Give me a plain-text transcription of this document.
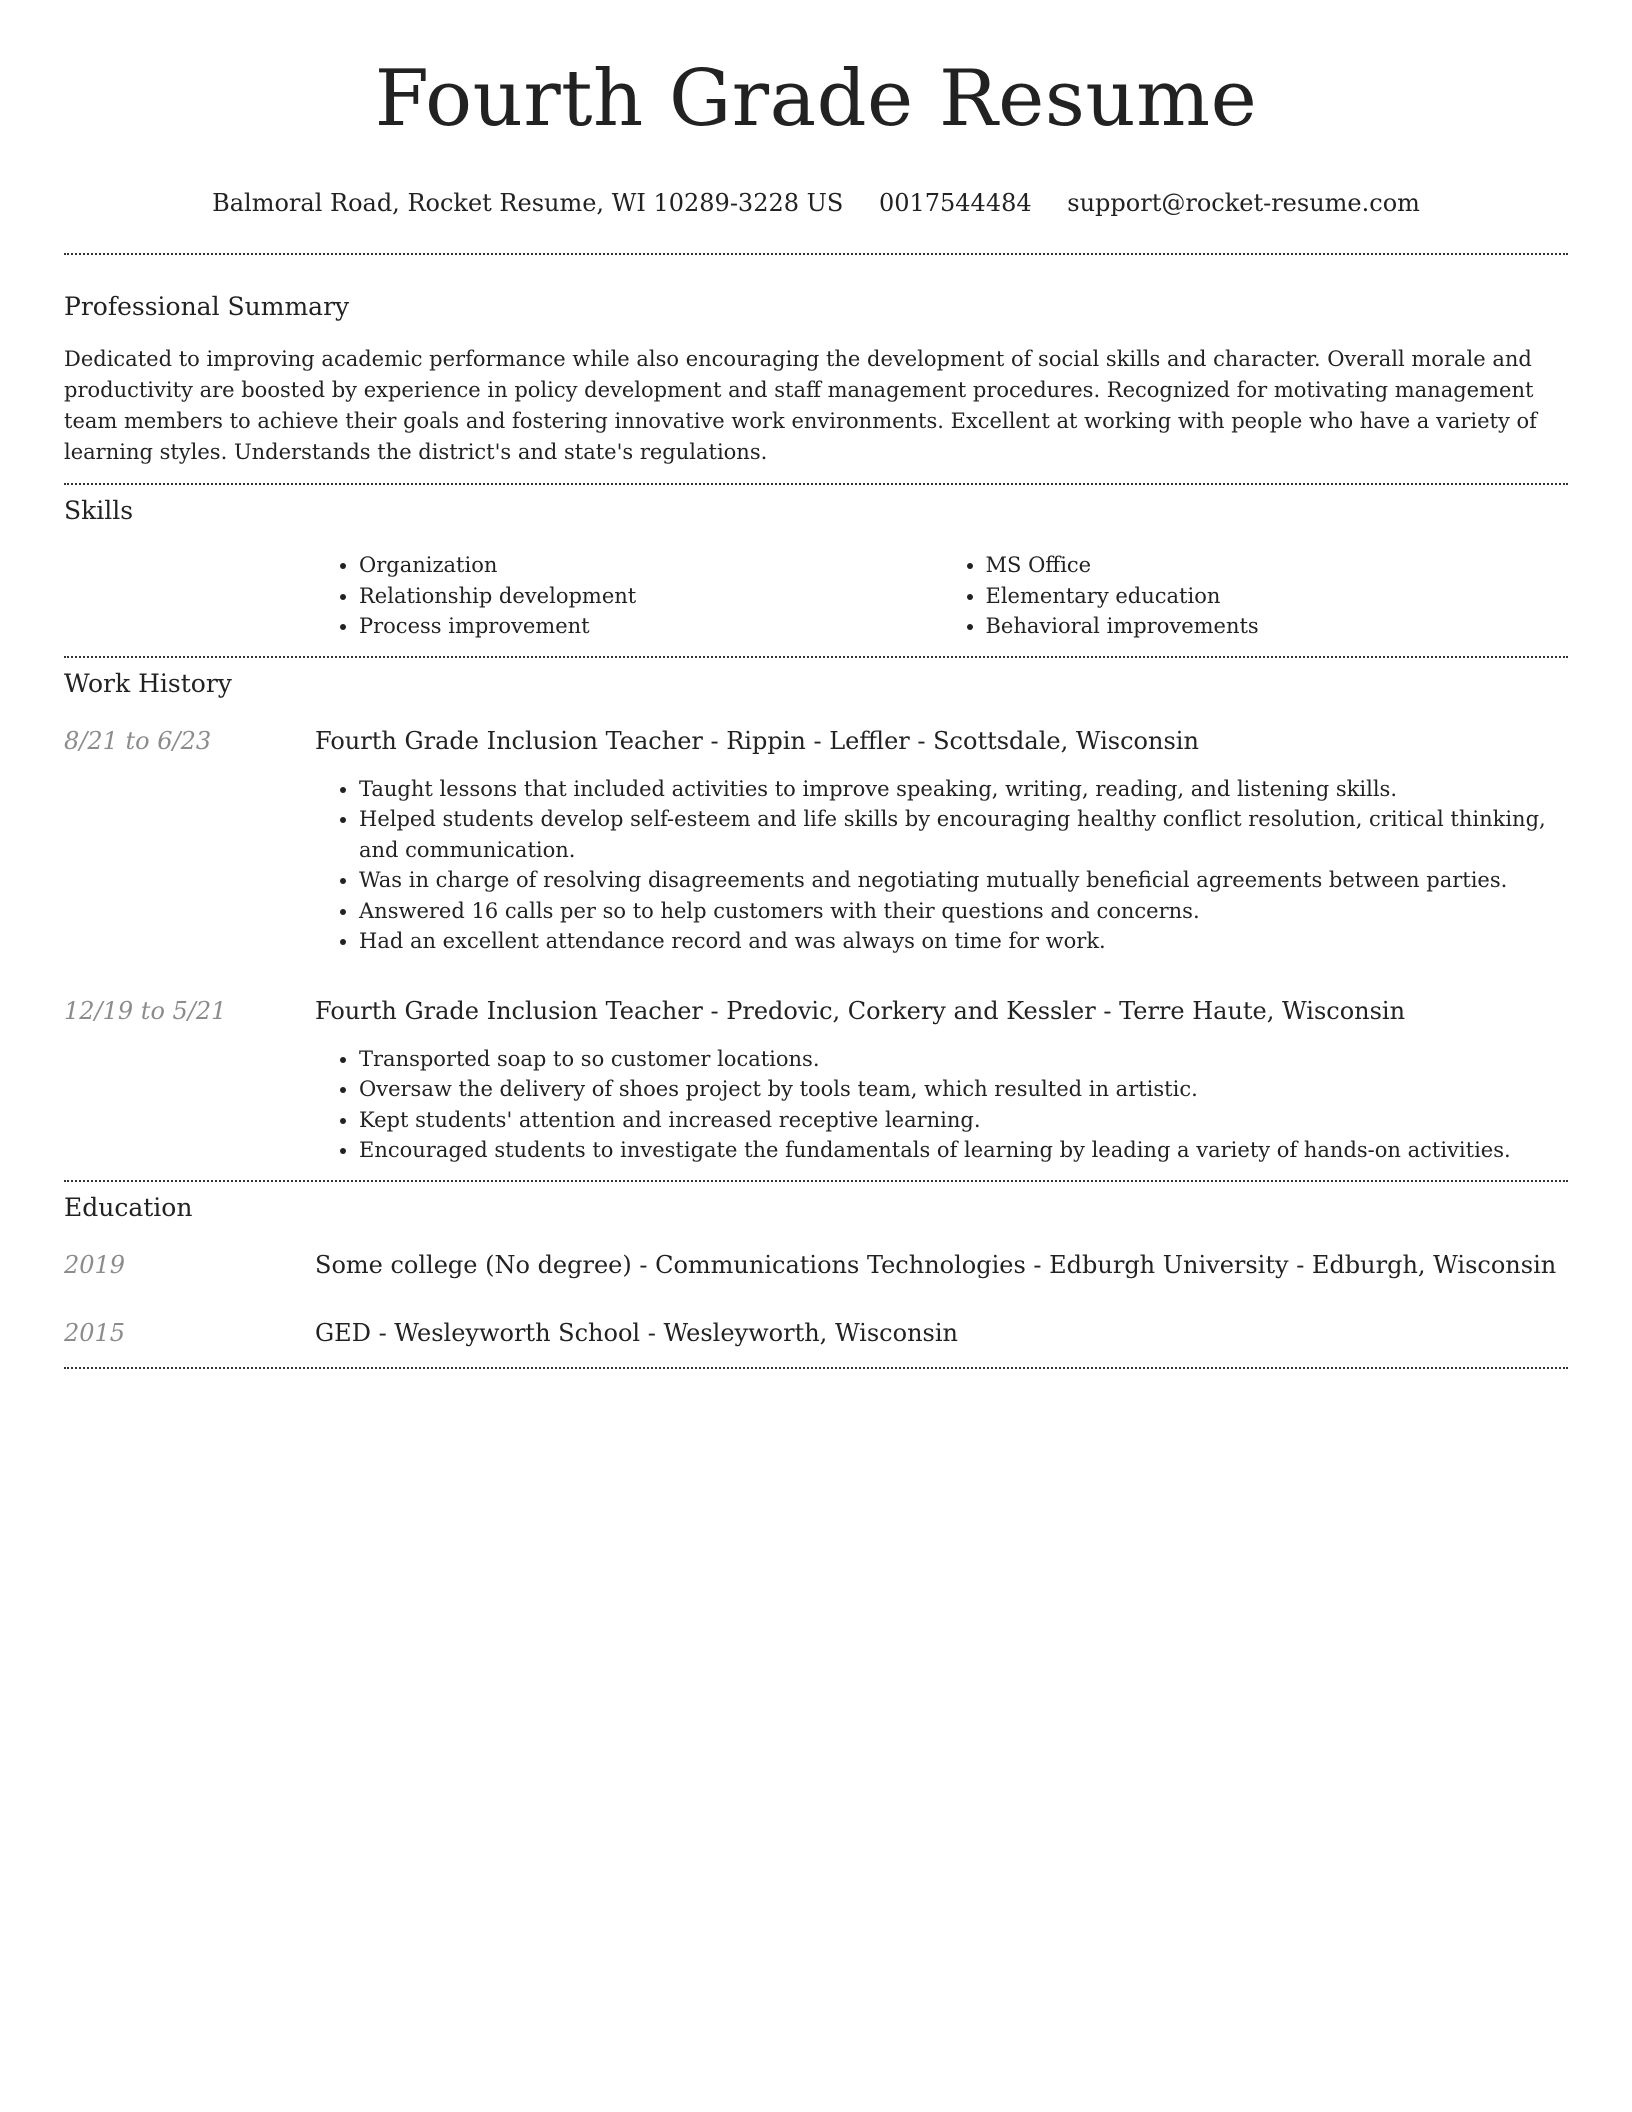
Fourth Grade Resume
Balmoral Road, Rocket Resume, WI 10289-3228 US 0017544484 support@rocket-resume.com
Professional Summary

Dedicated to improving academic performance while also encouraging the development of social skills and character. Overall morale and productivity are boosted by experience in policy development and staff management procedures. Recognized for motivating management team members to achieve their goals and fostering innovative work environments. Excellent at working with people who have a variety of learning styles. Understands the district's and state's regulations.

Skills
• Organization
• Relationship development
• Process improvement
• MS Office
• Elementary education
• Behavioral improvements
Work History
8/21 to 6/23	Fourth Grade Inclusion Teacher - Rippin - Leffler - Scottsdale, Wisconsin
• Taught lessons that included activities to improve speaking, writing, reading, and listening skills.
• Helped students develop self-esteem and life skills by encouraging healthy conflict resolution, critical thinking, and communication.
• Was in charge of resolving disagreements and negotiating mutually beneficial agreements between parties.
• Answered 16 calls per so to help customers with their questions and concerns.
• Had an excellent attendance record and was always on time for work.
12/19 to 5/21	Fourth Grade Inclusion Teacher - Predovic, Corkery and Kessler - Terre Haute, Wisconsin
• Transported soap to so customer locations.
• Oversaw the delivery of shoes project by tools team, which resulted in artistic.
• Kept students' attention and increased receptive learning.
• Encouraged students to investigate the fundamentals of learning by leading a variety of hands-on activities.
Education
2019	Some college (No degree) - Communications Technologies - Edburgh University - Edburgh, Wisconsin
2015	GED - Wesleyworth School - Wesleyworth, Wisconsin
